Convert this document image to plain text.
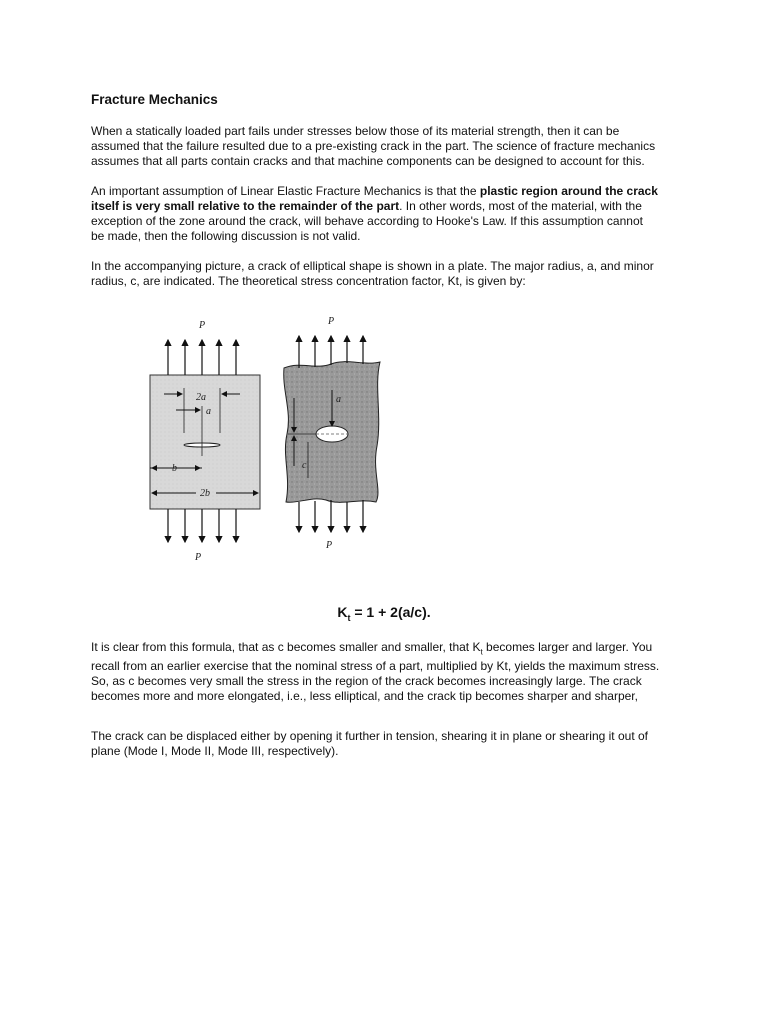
Fracture Mechanics

When a statically loaded part fails under stresses below those of its material strength, then it can be
assumed that the failure resulted due to a pre-existing crack in the part. The science of fracture mechanics
assumes that all parts contain cracks and that machine components can be designed to account for this.

An important assumption of Linear Elastic Fracture Mechanics is that the plastic region around the crack
itself is very small relative to the remainder of the part. In other words, most of the material, with the
exception of the zone around the crack, will behave according to Hooke's Law. If this assumption cannot
be made, then the following discussion is not valid.

In the accompanying picture, a crack of elliptical shape is shown in a plate. The major radius, a, and minor
radius, c, are indicated. The theoretical stress concentration factor, Kt, is given by:

P
P
2a
a
b
2b
P
P
a
c
$K_t = 1 + 2(a/c)$.

It is clear from this formula, that as c becomes smaller and smaller, that $K_t$ becomes larger and larger. You
recall from an earlier exercise that the nominal stress of a part, multiplied by Kt, yields the maximum stress.
So, as c becomes very small the stress in the region of the crack becomes increasingly large. The crack
becomes more and more elongated, i.e., less elliptical, and the crack tip becomes sharper and sharper,

The crack can be displaced either by opening it further in tension, shearing it in plane or shearing it out of
plane (Mode I, Mode II, Mode III, respectively).
